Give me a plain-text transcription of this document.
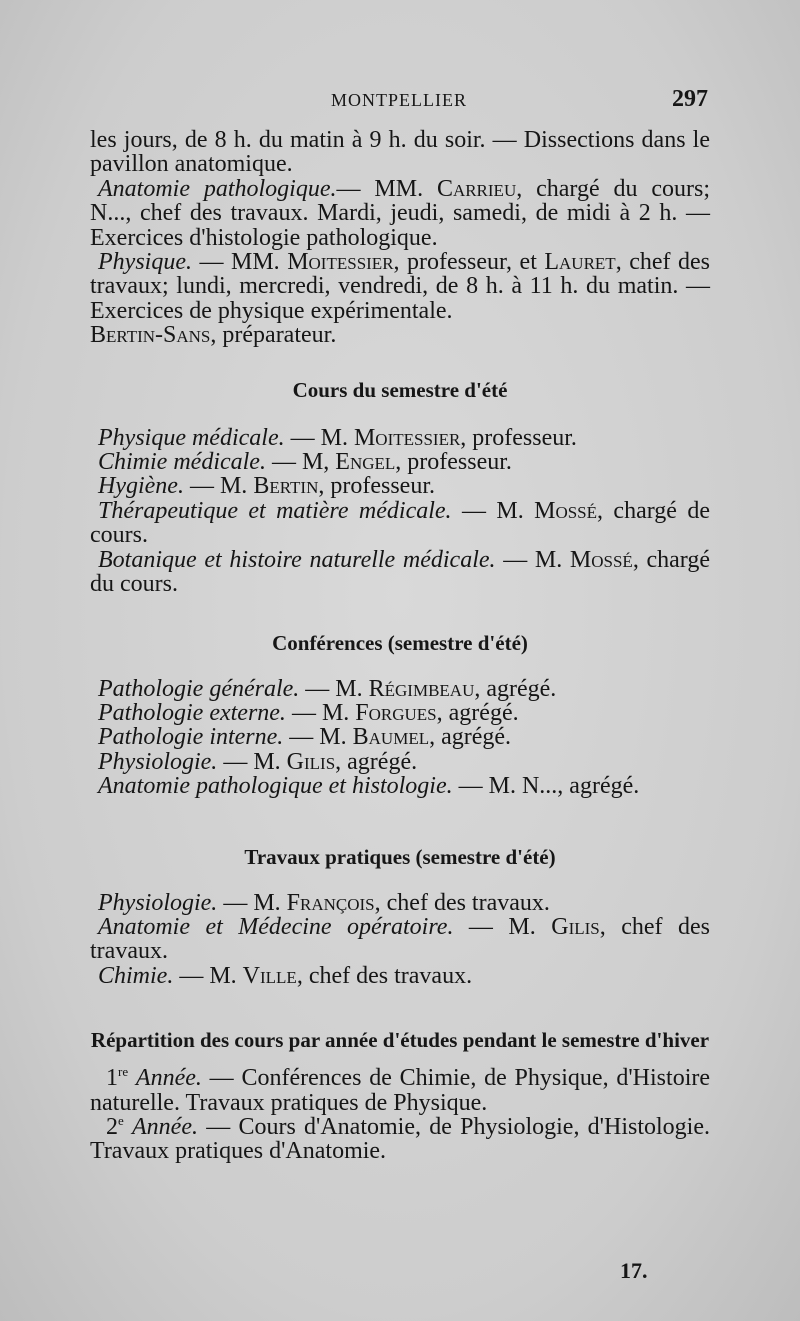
MONTPELLIER	297

les jours, de 8 h. du matin à 9 h. du soir. — Dissections dans le pavillon anatomique.

Anatomie pathologique.— MM. Carrieu, chargé du cours; N..., chef des travaux. Mardi, jeudi, samedi, de midi à 2 h. — Exercices d'histologie pathologique.

Physique. — MM. Moitessier, professeur, et Lauret, chef des travaux; lundi, mercredi, vendredi, de 8 h. à 11 h. du matin. — Exercices de physique expérimentale.

Bertin-Sans, préparateur.

Cours du semestre d'été

Physique médicale. — M. Moitessier, professeur.

Chimie médicale. — M, Engel, professeur.

Hygiène. — M. Bertin, professeur.

Thérapeutique et matière médicale. — M. Mossé, chargé de cours.

Botanique et histoire naturelle médicale. — M. Mossé, chargé du cours.

Conférences (semestre d'été)

Pathologie générale. — M. Régimbeau, agrégé.

Pathologie externe. — M. Forgues, agrégé.

Pathologie interne. — M. Baumel, agrégé.

Physiologie. — M. Gilis, agrégé.

Anatomie pathologique et histologie. — M. N..., agrégé.

Travaux pratiques (semestre d'été)

Physiologie. — M. François, chef des travaux.

Anatomie et Médecine opératoire. — M. Gilis, chef des travaux.

Chimie. — M. Ville, chef des travaux.

Répartition des cours par année d'études pendant le semestre d'hiver

1re Année. — Conférences de Chimie, de Physique, d'Histoire naturelle. Travaux pratiques de Physique.

2e Année. — Cours d'Anatomie, de Physiologie, d'Histologie. Travaux pratiques d'Anatomie.

17.
